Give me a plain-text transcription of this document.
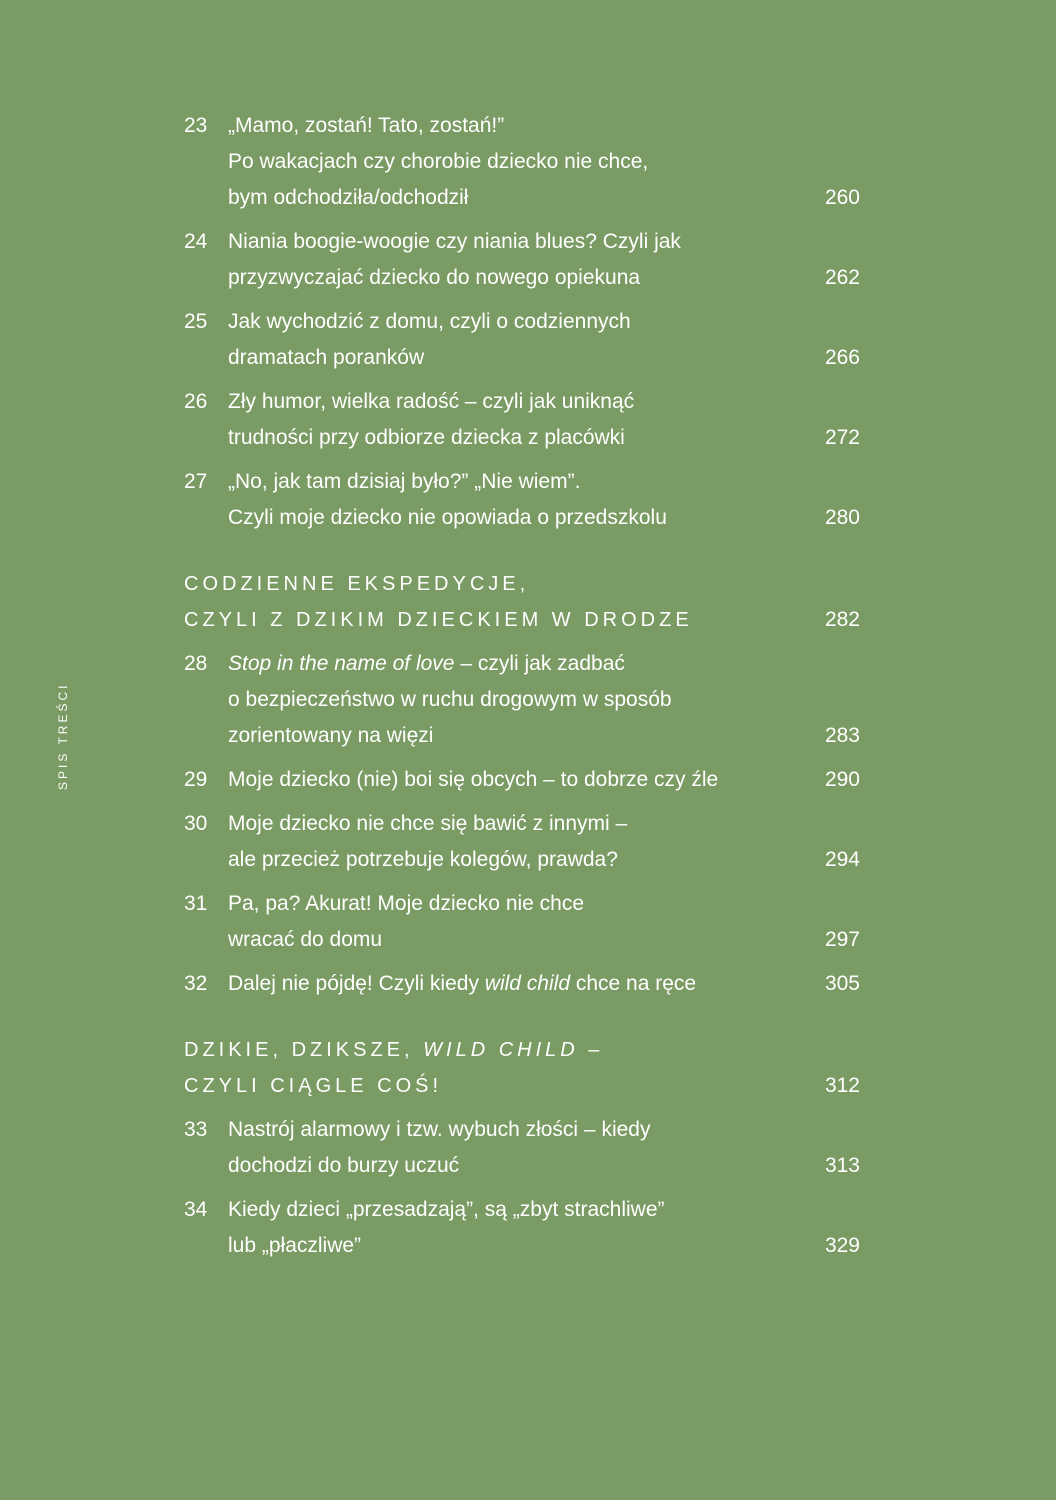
SPIS TREŚCI
23 „Mamo, zostań! Tato, zostań!”
Po wakacjach czy chorobie dziecko nie chce,
bym odchodziła/odchodził	260
24 Niania boogie-woogie czy niania blues? Czyli jak
przyzwyczajać dziecko do nowego opiekuna	262
25 Jak wychodzić z domu, czyli o codziennych
dramatach poranków	266
26 Zły humor, wielka radość – czyli jak uniknąć
trudności przy odbiorze dziecka z placówki	272
27 „No, jak tam dzisiaj było?” „Nie wiem”.
Czyli moje dziecko nie opowiada o przedszkolu	280
CODZIENNE EKSPEDYCJE,
CZYLI Z DZIKIM DZIECKIEM W DRODZE	282
28 Stop in the name of love – czyli jak zadbać
o bezpieczeństwo w ruchu drogowym w sposób
zorientowany na więzi	283
29 Moje dziecko (nie) boi się obcych – to dobrze czy źle	290
30 Moje dziecko nie chce się bawić z innymi –
ale przecież potrzebuje kolegów, prawda?	294
31 Pa, pa? Akurat! Moje dziecko nie chce
wracać do domu	297
32 Dalej nie pójdę! Czyli kiedy wild child chce na ręce	305
DZIKIE, DZIKSZE, WILD CHILD –
CZYLI CIĄGLE COŚ!	312
33 Nastrój alarmowy i tzw. wybuch złości – kiedy
dochodzi do burzy uczuć	313
34 Kiedy dzieci „przesadzają”, są „zbyt strachliwe”
lub „płaczliwe”	329
